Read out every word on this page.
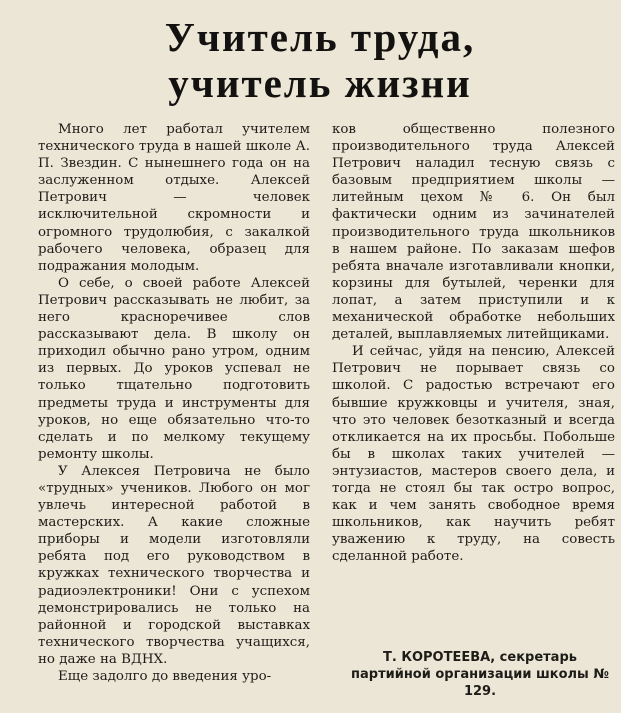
Учитель труда,
учитель жизни

Много лет работал учителем технического труда в нашей школе А. П. Звездин. С нынешнего года он на заслуженном отдыхе. Алексей Петрович — человек исключительной скромности и огромного трудолюбия, с закалкой рабочего человека, образец для подражания молодым.

О себе, о своей работе Алексей Петрович рассказывать не любит, за него красноречивее слов рассказывают дела. В школу он приходил обычно рано утром, одним из первых. До уроков успевал не только тщательно подготовить предметы труда и инструменты для уроков, но еще обязательно что-то сделать и по мелкому текущему ремонту школы.

У Алексея Петровича не было «трудных» учеников. Любого он мог увлечь интересной работой в мастерских. А какие сложные приборы и модели изготовляли ребята под его руководством в кружках технического творчества и радиоэлектроники! Они с успехом демонстрировались не только на районной и городской выставках технического творчества учащихся, но даже на ВДНХ.

Еще задолго до введения уро-

ков общественно полезного производительного труда Алексей Петрович наладил тесную связь с базовым предприятием школы — литейным цехом № 6. Он был фактически одним из зачинателей производительного труда школьников в нашем районе. По заказам шефов ребята вначале изготавливали кнопки, корзины для бутылей, черенки для лопат, а затем приступили и к механической обработке небольших деталей, выплавляемых литейщиками.

И сейчас, уйдя на пенсию, Алексей Петрович не порывает связь со школой. С радостью встречают его бывшие кружковцы и учителя, зная, что это человек безотказный и всегда откликается на их просьбы. Побольше бы в школах таких учителей — энтузиастов, мастеров своего дела, и тогда не стоял бы так остро вопрос, как и чем занять свободное время школьников, как научить ребят уважению к труду, на совесть сделанной работе.

Т. КОРОТЕЕВА, секретарь
партийной организации школы № 129.
